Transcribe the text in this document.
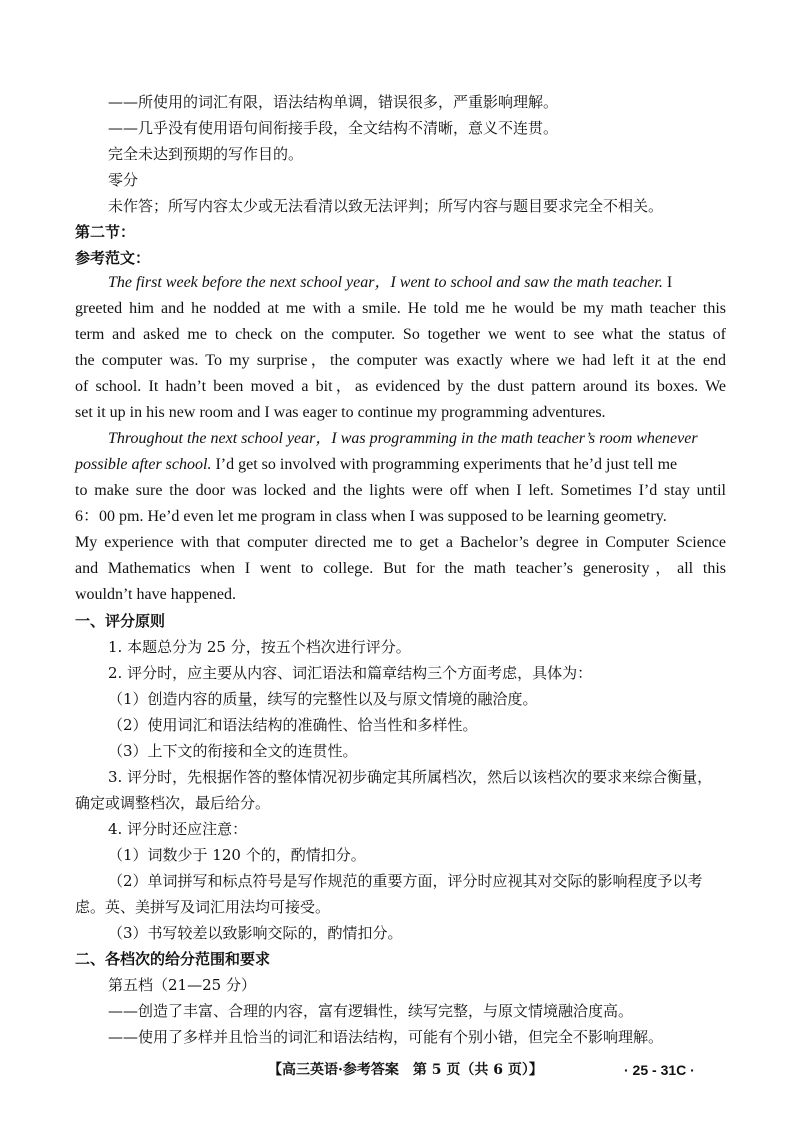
——所使用的词汇有限，语法结构单调，错误很多，严重影响理解。
——几乎没有使用语句间衔接手段，全文结构不清晰，意义不连贯。
完全未达到预期的写作目的。
零分
未作答；所写内容太少或无法看清以致无法评判；所写内容与题目要求完全不相关。
第二节：
参考范文：
The first week before the next school year，I went to school and saw the math teacher. I
greeted him and he nodded at me with a smile. He told me he would be my math teacher this
term and asked me to check on the computer. So together we went to see what the status of
the computer was. To my surprise，the computer was exactly where we had left it at the end
of school. It hadn’t been moved a bit，as evidenced by the dust pattern around its boxes. We
set it up in his new room and I was eager to continue my programming adventures.
Throughout the next school year，I was programming in the math teacher’s room whenever
possible after school. I’d get so involved with programming experiments that he’d just tell me
to make sure the door was locked and the lights were off when I left. Sometimes I’d stay until
6：00 pm. He’d even let me program in class when I was supposed to be learning geometry.
My experience with that computer directed me to get a Bachelor’s degree in Computer Science
and Mathematics when I went to college. But for the math teacher’s generosity，all this
wouldn’t have happened.
一、评分原则
1. 本题总分为 25 分，按五个档次进行评分。
2. 评分时，应主要从内容、词汇语法和篇章结构三个方面考虑，具体为：
（1）创造内容的质量，续写的完整性以及与原文情境的融洽度。
（2）使用词汇和语法结构的准确性、恰当性和多样性。
（3）上下文的衔接和全文的连贯性。
3. 评分时，先根据作答的整体情况初步确定其所属档次，然后以该档次的要求来综合衡量，
确定或调整档次，最后给分。
4. 评分时还应注意：
（1）词数少于 120 个的，酌情扣分。
（2）单词拼写和标点符号是写作规范的重要方面，评分时应视其对交际的影响程度予以考
虑。英、美拼写及词汇用法均可接受。
（3）书写较差以致影响交际的，酌情扣分。
二、各档次的给分范围和要求
第五档（21—25 分）
——创造了丰富、合理的内容，富有逻辑性，续写完整，与原文情境融洽度高。
——使用了多样并且恰当的词汇和语法结构，可能有个别小错，但完全不影响理解。
【高三英语·参考答案　第 5 页（共 6 页）】	· 25 - 31C ·
